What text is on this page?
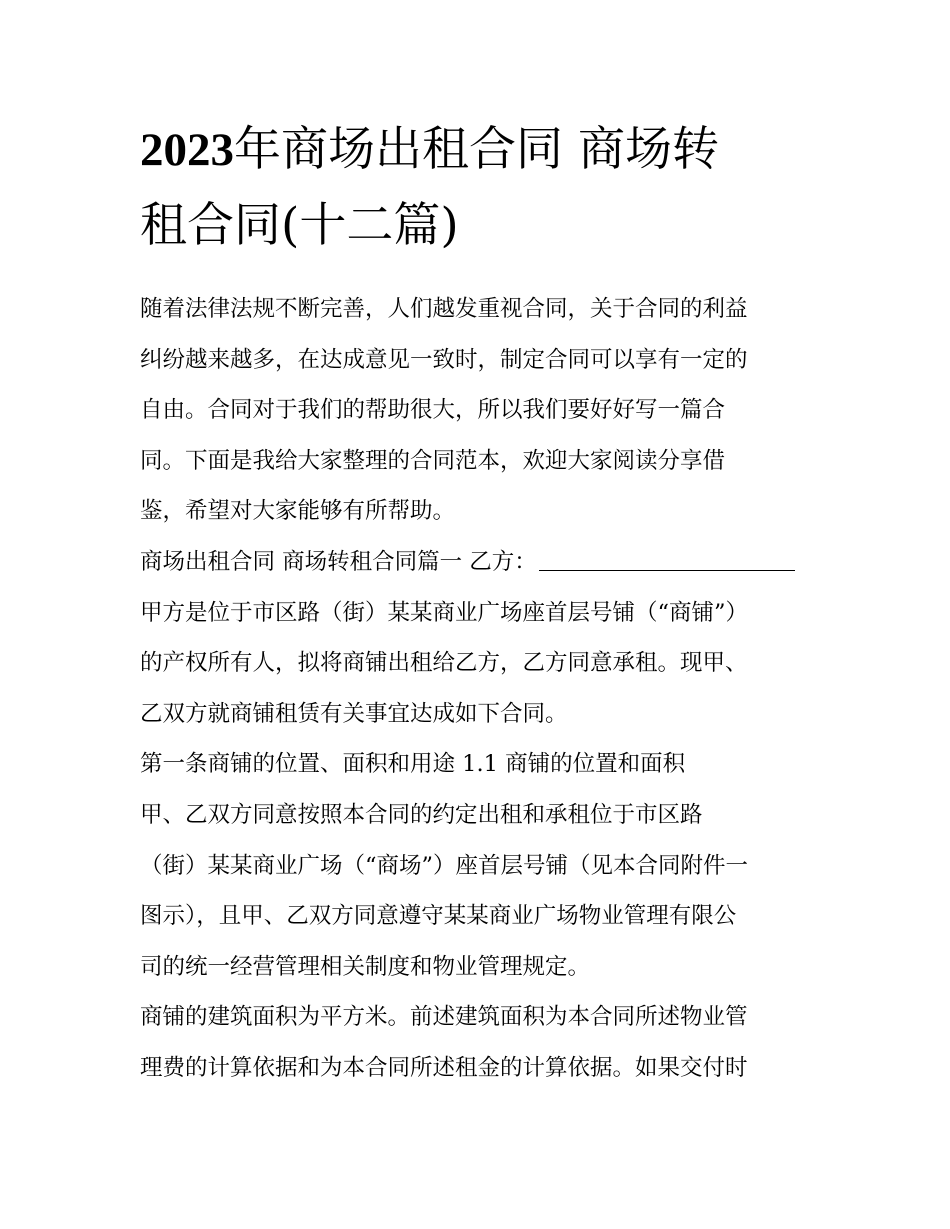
2023年商场出租合同 商场转
租合同(十二篇)
随着法律法规不断完善，人们越发重视合同，关于合同的利益
纠纷越来越多，在达成意见一致时，制定合同可以享有一定的
自由。合同对于我们的帮助很大，所以我们要好好写一篇合
同。下面是我给大家整理的合同范本，欢迎大家阅读分享借
鉴，希望对大家能够有所帮助。
商场出租合同 商场转租合同篇一 乙方：
甲方是位于市区路（街）某某商业广场座首层号铺（“商铺”）
的产权所有人，拟将商铺出租给乙方，乙方同意承租。现甲、
乙双方就商铺租赁有关事宜达成如下合同。
第一条商铺的位置、面积和用途 1.1 商铺的位置和面积
甲、乙双方同意按照本合同的约定出租和承租位于市区路
（街）某某商业广场（“商场”）座首层号铺（见本合同附件一
图示），且甲、乙双方同意遵守某某商业广场物业管理有限公
司的统一经营管理相关制度和物业管理规定。
商铺的建筑面积为平方米。前述建筑面积为本合同所述物业管
理费的计算依据和为本合同所述租金的计算依据。如果交付时
